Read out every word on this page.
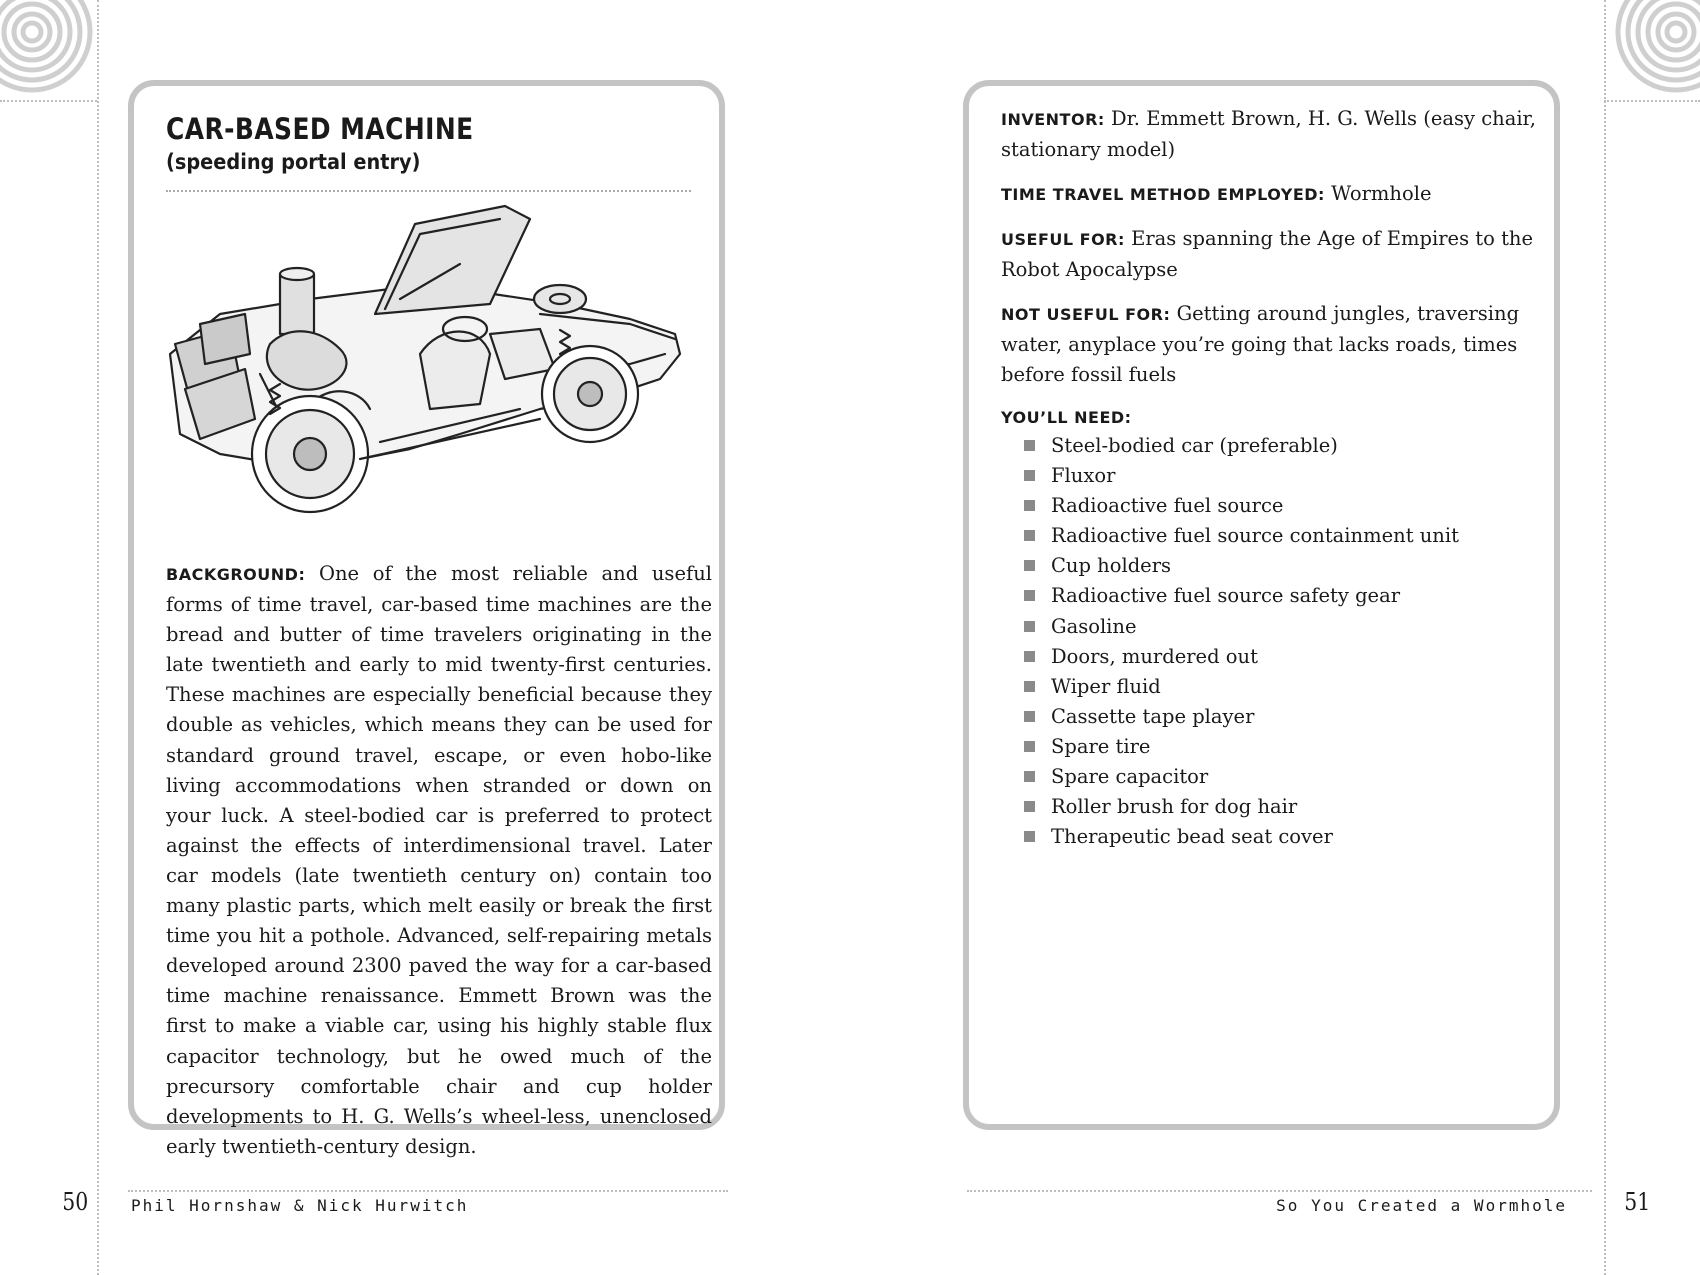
CAR-BASED MACHINE
(speeding portal entry)

BACKGROUND: One of the most reliable and useful forms of time travel, car-based time machines are the bread and butter of time travelers originating in the late twentieth and early to mid twenty-first centuries. These machines are especially beneficial because they double as vehicles, which means they can be used for standard ground travel, escape, or even hobo-like living accommodations when stranded or down on your luck. A steel-bodied car is preferred to protect against the effects of interdimensional travel. Later car models (late twentieth century on) contain too many plastic parts, which melt easily or break the first time you hit a pothole. Advanced, self-repairing metals developed around 2300 paved the way for a car-based time machine renaissance. Emmett Brown was the first to make a viable car, using his highly stable flux capacitor technology, but he owed much of the precursory comfortable chair and cup holder developments to H. G. Wells’s wheel-less, unenclosed early twentieth-century design.

INVENTOR: Dr. Emmett Brown, H. G. Wells (easy chair, stationary model)

TIME TRAVEL METHOD EMPLOYED: Wormhole

USEFUL FOR: Eras spanning the Age of Empires to the Robot Apocalypse

NOT USEFUL FOR: Getting around jungles, traversing water, anyplace you’re going that lacks roads, times before fossil fuels

YOU’LL NEED:

Steel-bodied car (preferable)
Fluxor
Radioactive fuel source
Radioactive fuel source containment unit
Cup holders
Radioactive fuel source safety gear
Gasoline
Doors, murdered out
Wiper fluid
Cassette tape player
Spare tire
Spare capacitor
Roller brush for dog hair
Therapeutic bead seat cover
50	Phil Hornshaw & Nick Hurwitch	So You Created a Wormhole 51
